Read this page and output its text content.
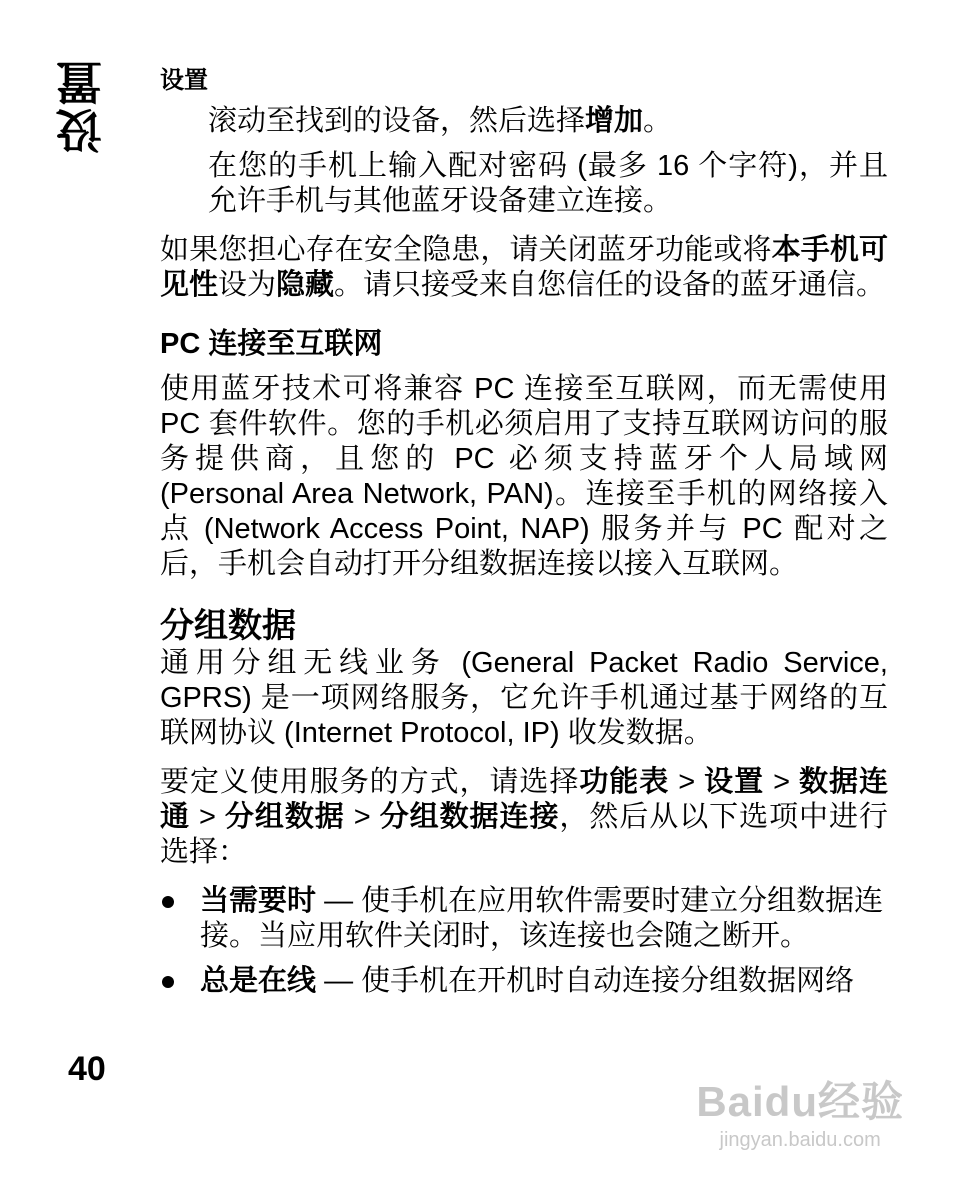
设置 设置

滚动至找到的设备，然后选择增加。

在您的手机上输入配对密码 (最多 16 个字符)，并且允许手机与其他蓝牙设备建立连接。

如果您担心存在安全隐患，请关闭蓝牙功能或将本手机可见性设为隐藏。请只接受来自您信任的设备的蓝牙通信。

PC 连接至互联网

使用蓝牙技术可将兼容 PC 连接至互联网，而无需使用 PC 套件软件。您的手机必须启用了支持互联网访问的服务提供商，且您的 PC 必须支持蓝牙个人局域网 (Personal Area Network, PAN)。连接至手机的网络接入点 (Network Access Point, NAP) 服务并与 PC 配对之后，手机会自动打开分组数据连接以接入互联网。

分组数据

通用分组无线业务 (General Packet Radio Service, GPRS) 是一项网络服务，它允许手机通过基于网络的互联网协议 (Internet Protocol, IP) 收发数据。

要定义使用服务的方式，请选择功能表 > 设置 > 数据连通 > 分组数据 > 分组数据连接，然后从以下选项中进行选择：

当需要时 — 使手机在应用软件需要时建立分组数据连接。当应用软件关闭时，该连接也会随之断开。
总是在线 — 使手机在开机时自动连接分组数据网络
40
Baidu经验
jingyan.baidu.com
